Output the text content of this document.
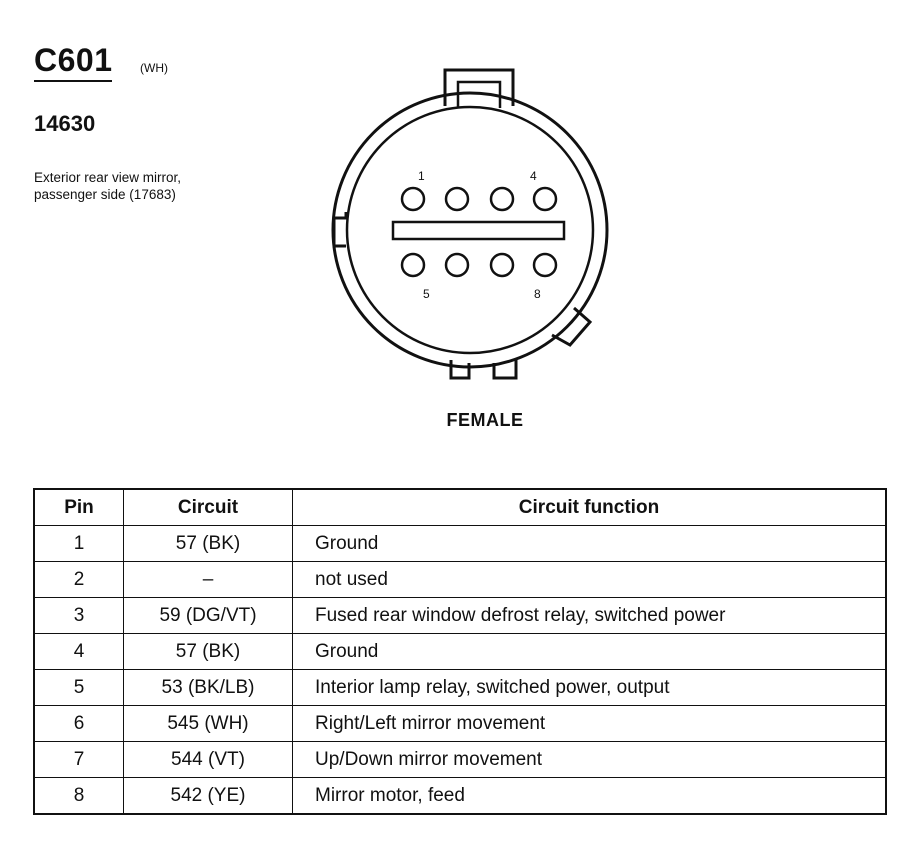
C601 (WH)
14630
Exterior rear view mirror, passenger side (17683)
1	4
5	8
FEMALE
Pin	Circuit	Circuit function
1	57 (BK)	Ground
2	–	not used
3	59 (DG/VT)	Fused rear window defrost relay, switched power
4	57 (BK)	Ground
5	53 (BK/LB)	Interior lamp relay, switched power, output
6	545 (WH)	Right/Left mirror movement
7	544 (VT)	Up/Down mirror movement
8	542 (YE)	Mirror motor, feed
